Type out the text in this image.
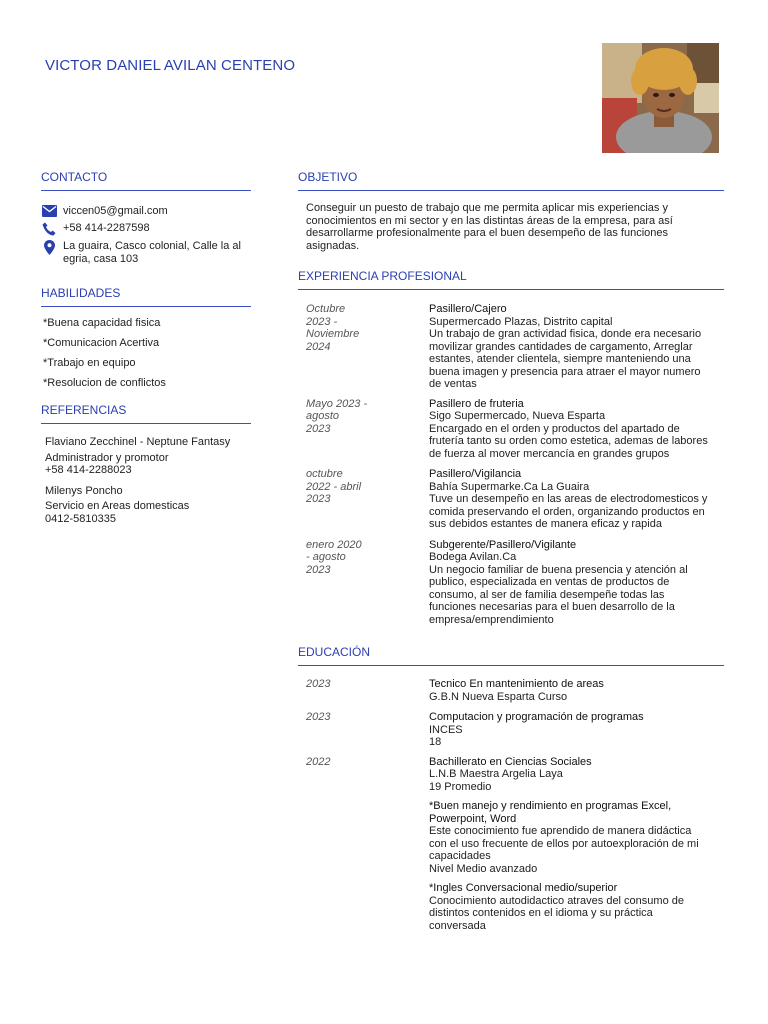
VICTOR DANIEL AVILAN CENTENO
CONTACTO
viccen05@gmail.com
+58 414-2287598
La guaira, Casco colonial, Calle la al
egria, casa 103
HABILIDADES
*Buena capacidad fisica
*Comunicacion Acertiva
*Trabajo en equipo
*Resolucion de conflictos
REFERENCIAS
Flaviano Zecchinel - Neptune Fantasy
Administrador y promotor
+58 414-2288023
Milenys Poncho
Servicio en Areas domesticas
0412-5810335
OBJETIVO
Conseguir un puesto de trabajo que me permita aplicar mis experiencias y
conocimientos en mi sector y en las distintas áreas de la empresa, para así
desarrollarme profesionalmente para el buen desempeño de las funciones
asignadas.
EXPERIENCIA PROFESIONAL
Octubre
2023 -
Noviembre
2024
Pasillero/Cajero
Supermercado Plazas, Distrito capital
Un trabajo de gran actividad fisica, donde era necesario
movilizar grandes cantidades de cargamento, Arreglar
estantes, atender clientela, siempre manteniendo una
buena imagen y presencia para atraer el mayor numero
de ventas
Mayo 2023 -
agosto
2023
Pasillero de fruteria
Sigo Supermercado, Nueva Esparta
Encargado en el orden y productos del apartado de
frutería tanto su orden como estetica, ademas de labores
de fuerza al mover mercancía en grandes grupos
octubre
2022 - abril
2023
Pasillero/Vigilancia
Bahía Supermarke.Ca La Guaira
Tuve un desempeño en las areas de electrodomesticos y
comida preservando el orden, organizando productos en
sus debidos estantes de manera eficaz y rapida
enero 2020
- agosto
2023
Subgerente/Pasillero/Vigilante
Bodega Avilan.Ca
Un negocio familiar de buena presencia y atención al
publico, especializada en ventas de productos de
consumo, al ser de familia desempeñe todas las
funciones necesarias para el buen desarrollo de la
empresa/emprendimiento
EDUCACIÓN
2023	Tecnico En mantenimiento de areas
G.B.N Nueva Esparta Curso
2023	Computacion y programación de programas
INCES
18
2022	Bachillerato en Ciencias Sociales
L.N.B Maestra Argelia Laya
19 Promedio
*Buen manejo y rendimiento en programas Excel,
Powerpoint, Word
Este conocimiento fue aprendido de manera didáctica
con el uso frecuente de ellos por autoexploración de mi
capacidades
Nivel Medio avanzado
*Ingles Conversacional medio/superior
Conocimiento autodidactico atraves del consumo de
distintos contenidos en el idioma y su práctica
conversada
